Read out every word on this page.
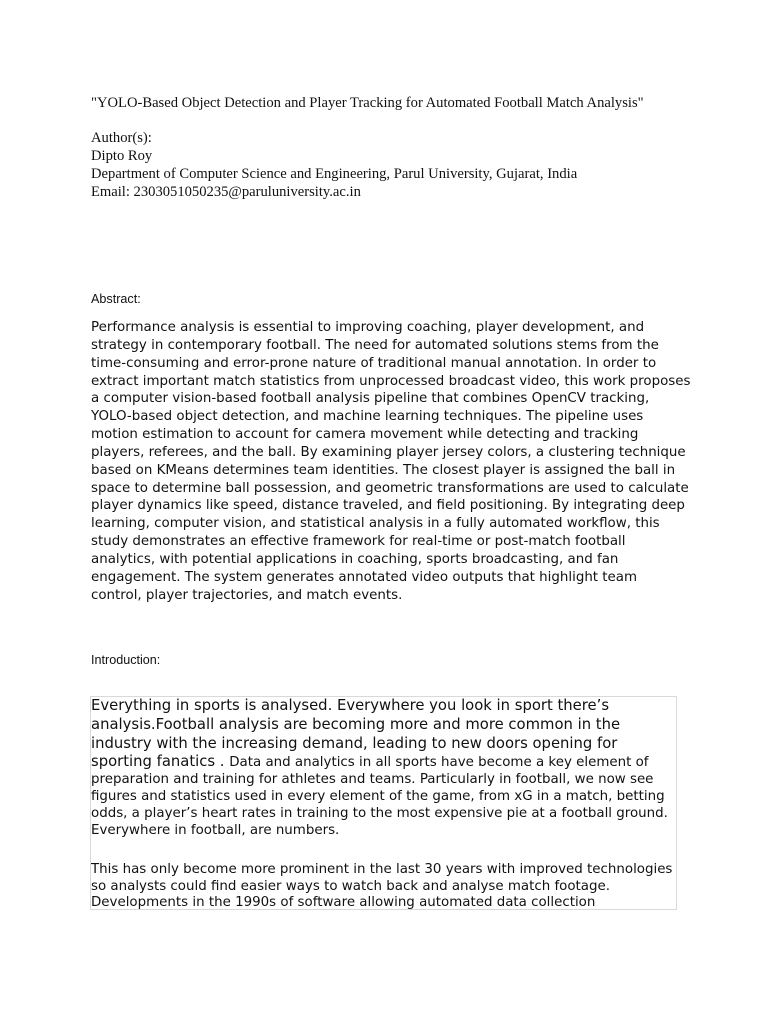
"YOLO-Based Object Detection and Player Tracking for Automated Football Match Analysis"
Author(s):
Dipto Roy
Department of Computer Science and Engineering, Parul University, Gujarat, India
Email: 2303051050235@paruluniversity.ac.in
Abstract:

Performance analysis is essential to improving coaching, player development, and strategy in contemporary football. The need for automated solutions stems from the time-consuming and error-prone nature of traditional manual annotation. In order to extract important match statistics from unprocessed broadcast video, this work proposes a computer vision-based football analysis pipeline that combines OpenCV tracking, YOLO-based object detection, and machine learning techniques. The pipeline uses motion estimation to account for camera movement while detecting and tracking players, referees, and the ball. By examining player jersey colors, a clustering technique based on KMeans determines team identities. The closest player is assigned the ball in space to determine ball possession, and geometric transformations are used to calculate player dynamics like speed, distance traveled, and field positioning. By integrating deep learning, computer vision, and statistical analysis in a fully automated workflow, this study demonstrates an effective framework for real-time or post-match football analytics, with potential applications in coaching, sports broadcasting, and fan engagement. The system generates annotated video outputs that highlight team control, player trajectories, and match events.

Introduction:

Everything in sports is analysed. Everywhere you look in sport there’s analysis.Football analysis are becoming more and more common in the industry with the increasing demand, leading to new doors opening for sporting fanatics . Data and analytics in all sports have become a key element of preparation and training for athletes and teams. Particularly in football, we now see figures and statistics used in every element of the game, from xG in a match, betting odds, a player’s heart rates in training to the most expensive pie at a football ground. Everywhere in football, are numbers.

This has only become more prominent in the last 30 years with improved technologies so analysts could find easier ways to watch back and analyse match footage. Developments in the 1990s of software allowing automated data collection
